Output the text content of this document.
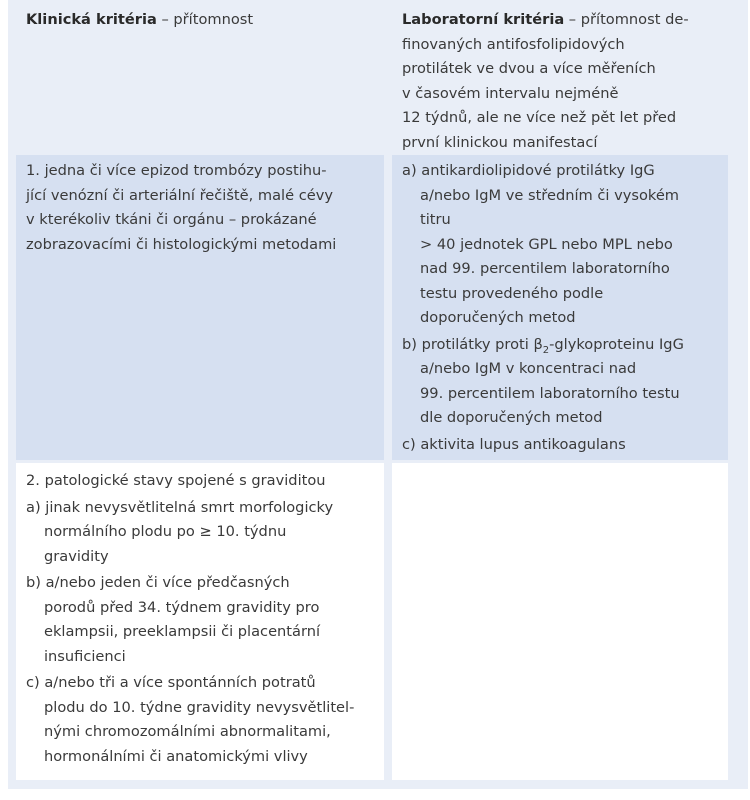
Klinická kritéria – přítomnost	Laboratorní kritéria – přítomnost de-
finovaných antifosfolipidových
protilátek ve dvou a více měřeních
v časovém intervalu nejméně
12 týdnů, ale ne více než pět let před
první klinickou manifestací
1. jedna či více epizod trombózy postihu-
jící venózní či arteriální řečiště, malé cévy
v kterékoliv tkáni či orgánu – prokázané
zobrazovacími či histologickými metodami
a) antikardiolipidové protilátky IgG
a/nebo IgM ve středním či vysokém
titru
> 40 jednotek GPL nebo MPL nebo
nad 99. percentilem laboratorního
testu provedeného podle
doporučených metod
b) protilátky proti $\beta_2$-glykoproteinu IgG
a/nebo IgM v koncentraci nad
99. percentilem laboratorního testu
dle doporučených metod
c) aktivita lupus antikoagulans
2. patologické stavy spojené s graviditou
a) jinak nevysvětlitelná smrt morfologicky
normálního plodu po ≥ 10. týdnu
gravidity
b) a/nebo jeden či více předčasných
porodů před 34. týdnem gravidity pro
eklampsii, preeklampsii či placentární
insuficienci
c) a/nebo tři a více spontánních potratů
plodu do 10. týdne gravidity nevysvětlitel-
nými chromozomálními abnormalitami,
hormonálními či anatomickými vlivy
